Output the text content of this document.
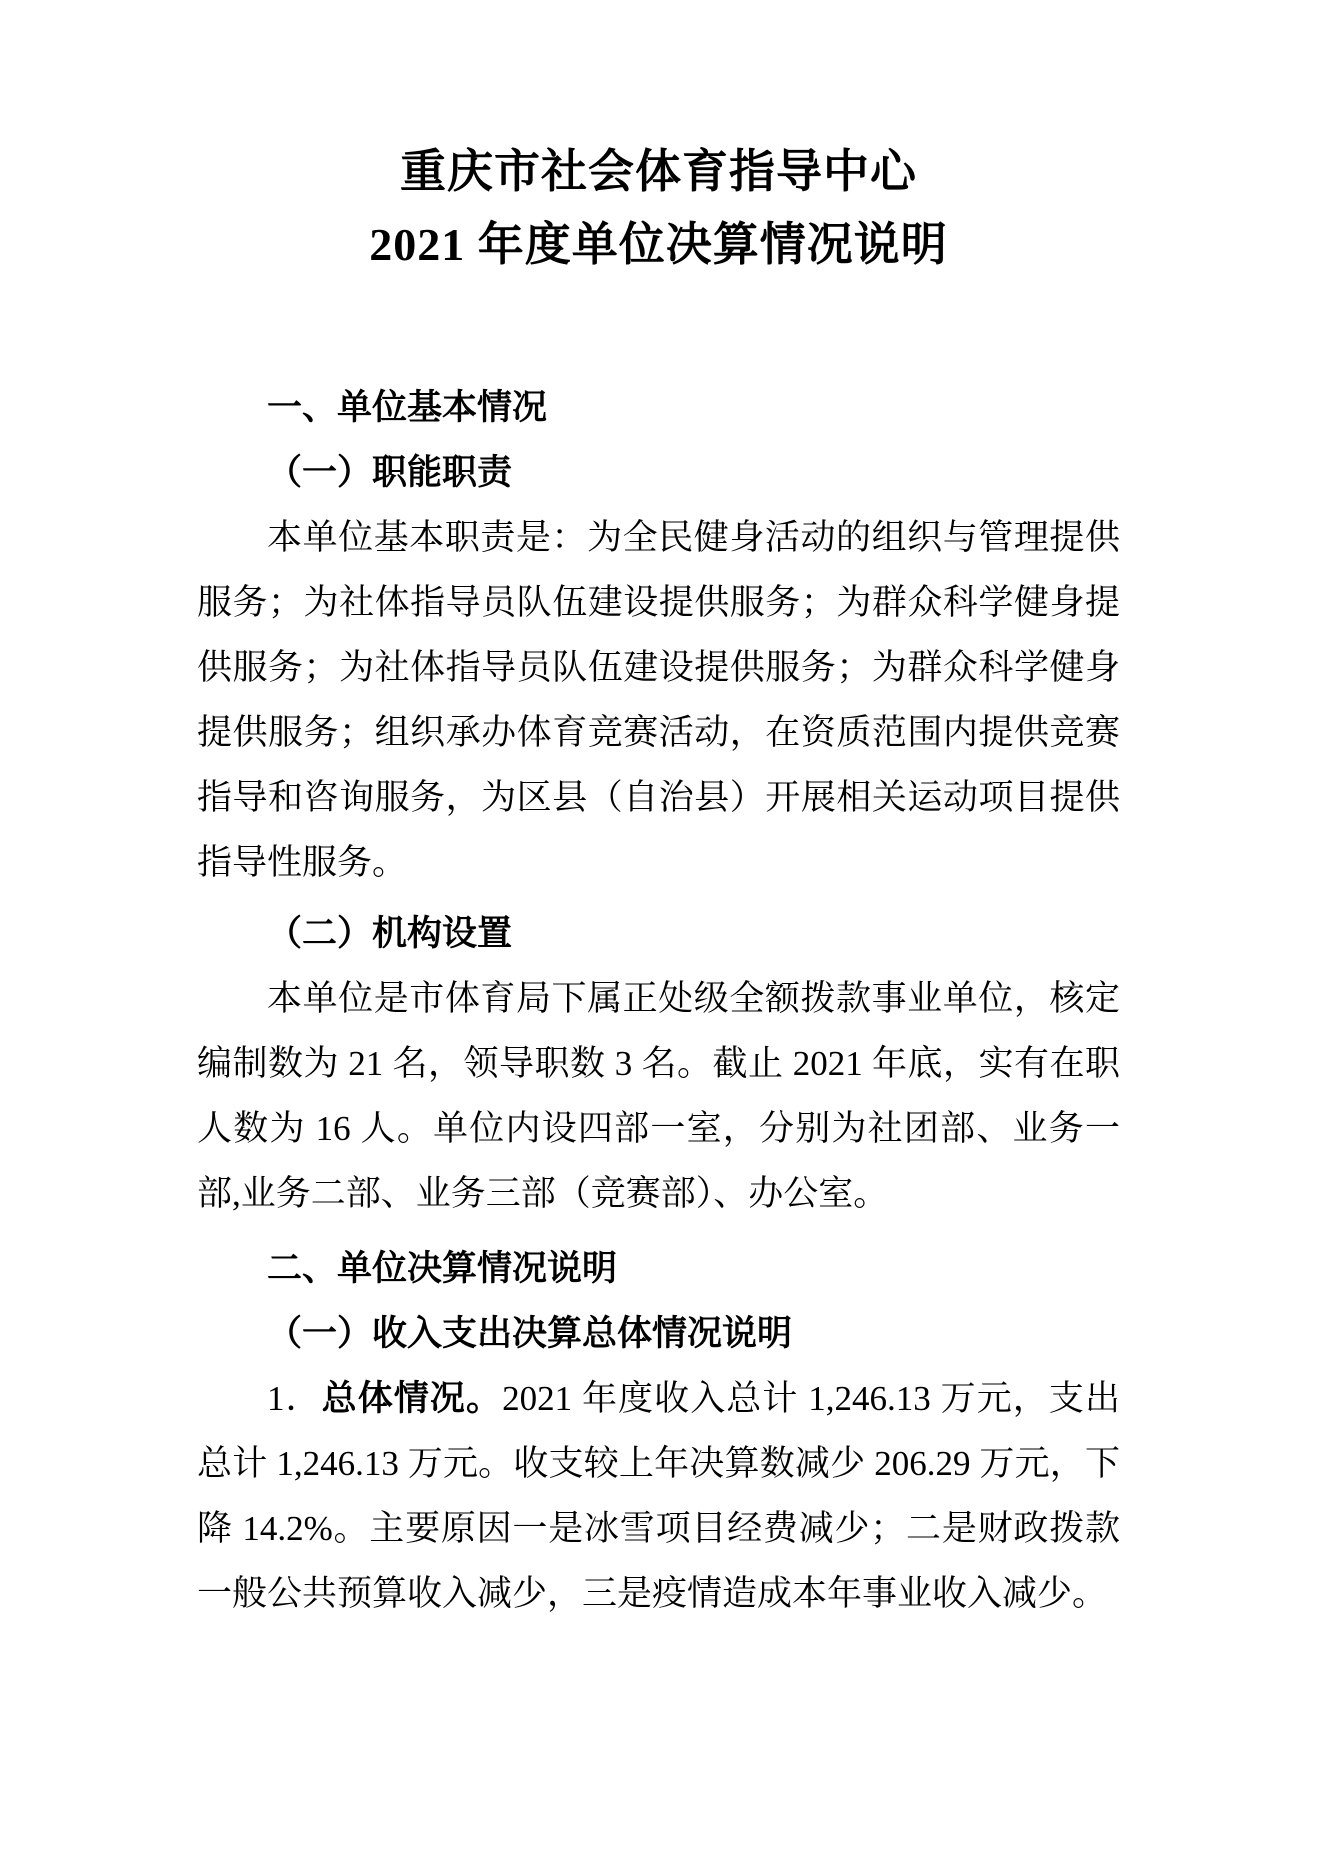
重庆市社会体育指导中心
2021 年度单位决算情况说明
一、单位基本情况
（一）职能职责
本单位基本职责是：为全民健身活动的组织与管理提供
服务；为社体指导员队伍建设提供服务；为群众科学健身提
供服务；为社体指导员队伍建设提供服务；为群众科学健身
提供服务；组织承办体育竞赛活动，在资质范围内提供竞赛
指导和咨询服务，为区县（自治县）开展相关运动项目提供
指导性服务。
（二）机构设置
本单位是市体育局下属正处级全额拨款事业单位，核定
编制数为 21 名，领导职数 3 名。截止 2021 年底，实有在职
人数为 16 人。单位内设四部一室，分别为社团部、业务一
部,业务二部、业务三部（竞赛部）、办公室。
二、单位决算情况说明
（一）收入支出决算总体情况说明
1．总体情况。2021 年度收入总计 1,246.13 万元，支出
总计 1,246.13 万元。收支较上年决算数减少 206.29 万元，下
降 14.2%。主要原因一是冰雪项目经费减少；二是财政拨款
一般公共预算收入减少，三是疫情造成本年事业收入减少。
